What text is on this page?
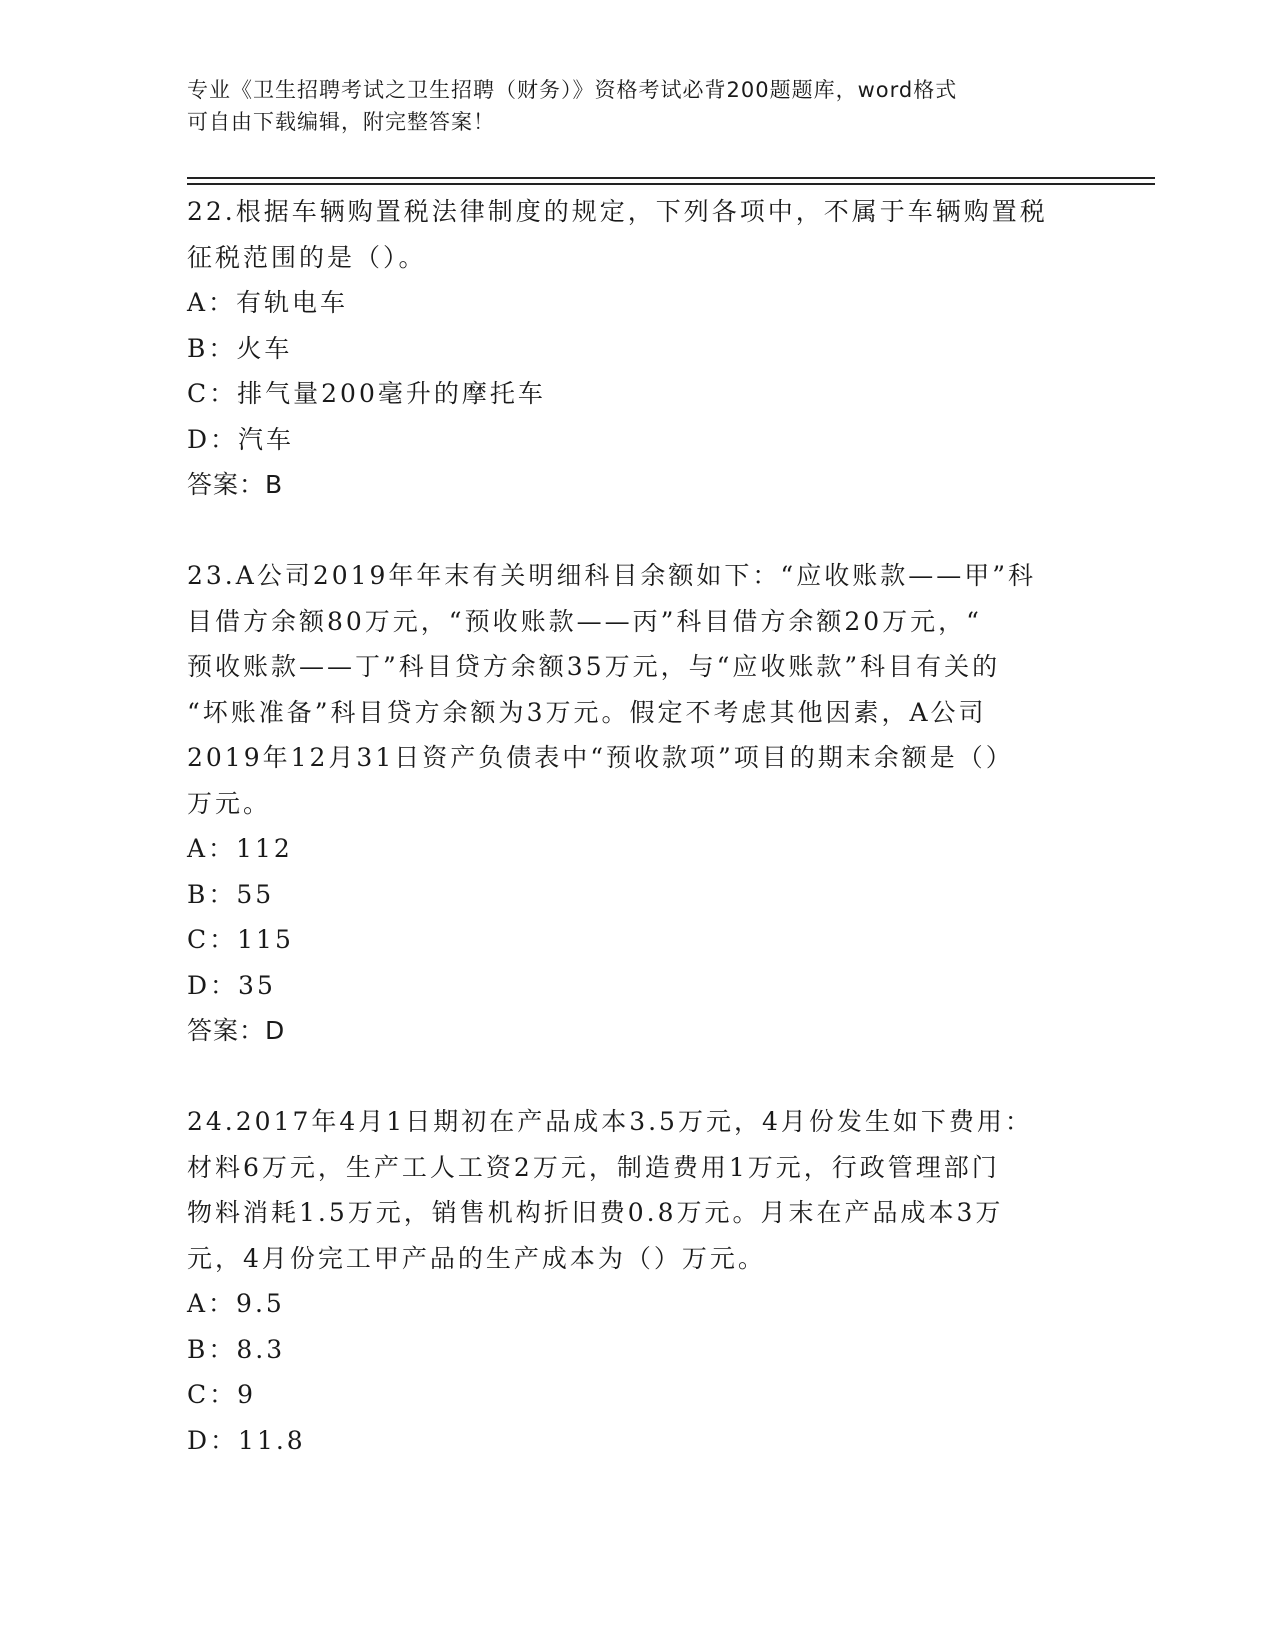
专业《卫生招聘考试之卫生招聘（财务）》资格考试必背200题题库，word格式
可自由下载编辑，附完整答案！
22.根据车辆购置税法律制度的规定，下列各项中，不属于车辆购置税
征税范围的是（）。
A：有轨电车
B：火车
C：排气量200毫升的摩托车
D：汽车
答案：B
23.A公司2019年年末有关明细科目余额如下：“应收账款——甲”科
目借方余额80万元，“预收账款——丙”科目借方余额20万元，“
预收账款——丁”科目贷方余额35万元，与“应收账款”科目有关的
“坏账准备”科目贷方余额为3万元。假定不考虑其他因素，A公司
2019年12月31日资产负债表中“预收款项”项目的期末余额是（）
万元。
A：112
B：55
C：115
D：35
答案：D
24.2017年4月1日期初在产品成本3.5万元，4月份发生如下费用：
材料6万元，生产工人工资2万元，制造费用1万元，行政管理部门
物料消耗1.5万元，销售机构折旧费0.8万元。月末在产品成本3万
元，4月份完工甲产品的生产成本为（）万元。
A：9.5
B：8.3
C：9
D：11.8
